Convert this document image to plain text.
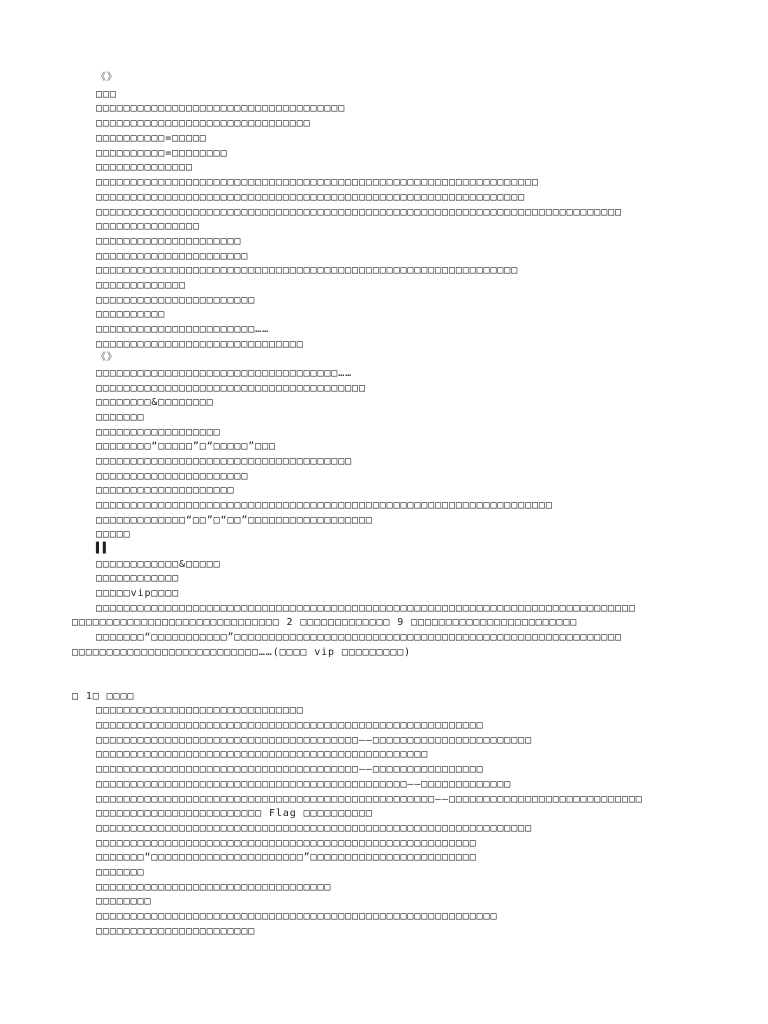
《》
□□□
□□□□□□□□□□□□□□□□□□□□□□□□□□□□□□□□□□□□
□□□□□□□□□□□□□□□□□□□□□□□□□□□□□□□
□□□□□□□□□□=□□□□□
□□□□□□□□□□=□□□□□□□□
□□□□□□□□□□□□□□
□□□□□□□□□□□□□□□□□□□□□□□□□□□□□□□□□□□□□□□□□□□□□□□□□□□□□□□□□□□□□□□□
□□□□□□□□□□□□□□□□□□□□□□□□□□□□□□□□□□□□□□□□□□□□□□□□□□□□□□□□□□□□□□
□□□□□□□□□□□□□□□□□□□□□□□□□□□□□□□□□□□□□□□□□□□□□□□□□□□□□□□□□□□□□□□□□□□□□□□□□□□□
□□□□□□□□□□□□□□□
□□□□□□□□□□□□□□□□□□□□□
□□□□□□□□□□□□□□□□□□□□□□
□□□□□□□□□□□□□□□□□□□□□□□□□□□□□□□□□□□□□□□□□□□□□□□□□□□□□□□□□□□□□
□□□□□□□□□□□□□
□□□□□□□□□□□□□□□□□□□□□□□
□□□□□□□□□□
□□□□□□□□□□□□□□□□□□□□□□□……
□□□□□□□□□□□□□□□□□□□□□□□□□□□□□□
《》
□□□□□□□□□□□□□□□□□□□□□□□□□□□□□□□□□□□……
□□□□□□□□□□□□□□□□□□□□□□□□□□□□□□□□□□□□□□□
□□□□□□□□&□□□□□□□□
□□□□□□□
□□□□□□□□□□□□□□□□□□
□□□□□□□□“□□□□□”□“□□□□□”□□□
□□□□□□□□□□□□□□□□□□□□□□□□□□□□□□□□□□□□□
□□□□□□□□□□□□□□□□□□□□□□
□□□□□□□□□□□□□□□□□□□□
□□□□□□□□□□□□□□□□□□□□□□□□□□□□□□□□□□□□□□□□□□□□□□□□□□□□□□□□□□□□□□□□□□
□□□□□□□□□□□□□“□□”□“□□”□□□□□□□□□□□□□□□□□□
□□□□□
▌▌
□□□□□□□□□□□□&□□□□□
□□□□□□□□□□□□
□□□□□vip□□□□
□□□□□□□□□□□□□□□□□□□□□□□□□□□□□□□□□□□□□□□□□□□□□□□□□□□□□□□□□□□□□□□□□□□□□□□□□□□□□□
□□□□□□□□□□□□□□□□□□□□□□□□□□□□□□ 2 □□□□□□□□□□□□□ 9 □□□□□□□□□□□□□□□□□□□□□□□□
□□□□□□□“□□□□□□□□□□□”□□□□□□□□□□□□□□□□□□□□□□□□□□□□□□□□□□□□□□□□□□□□□□□□□□□□□□□□
□□□□□□□□□□□□□□□□□□□□□□□□□□□……(□□□□ vip □□□□□□□□□)
□ 1□ □□□□
□□□□□□□□□□□□□□□□□□□□□□□□□□□□□□
□□□□□□□□□□□□□□□□□□□□□□□□□□□□□□□□□□□□□□□□□□□□□□□□□□□□□□□□
□□□□□□□□□□□□□□□□□□□□□□□□□□□□□□□□□□□□□□——□□□□□□□□□□□□□□□□□□□□□□□
□□□□□□□□□□□□□□□□□□□□□□□□□□□□□□□□□□□□□□□□□□□□□□□□
□□□□□□□□□□□□□□□□□□□□□□□□□□□□□□□□□□□□□□——□□□□□□□□□□□□□□□□
□□□□□□□□□□□□□□□□□□□□□□□□□□□□□□□□□□□□□□□□□□□□□——□□□□□□□□□□□□□
□□□□□□□□□□□□□□□□□□□□□□□□□□□□□□□□□□□□□□□□□□□□□□□□□——□□□□□□□□□□□□□□□□□□□□□□□□□□□□
□□□□□□□□□□□□□□□□□□□□□□□□ Flag □□□□□□□□□□
□□□□□□□□□□□□□□□□□□□□□□□□□□□□□□□□□□□□□□□□□□□□□□□□□□□□□□□□□□□□□□□
□□□□□□□□□□□□□□□□□□□□□□□□□□□□□□□□□□□□□□□□□□□□□□□□□□□□□□□
□□□□□□□“□□□□□□□□□□□□□□□□□□□□□□”□□□□□□□□□□□□□□□□□□□□□□□□
□□□□□□□
□□□□□□□□□□□□□□□□□□□□□□□□□□□□□□□□□□
□□□□□□□□
□□□□□□□□□□□□□□□□□□□□□□□□□□□□□□□□□□□□□□□□□□□□□□□□□□□□□□□□□□
□□□□□□□□□□□□□□□□□□□□□□□
